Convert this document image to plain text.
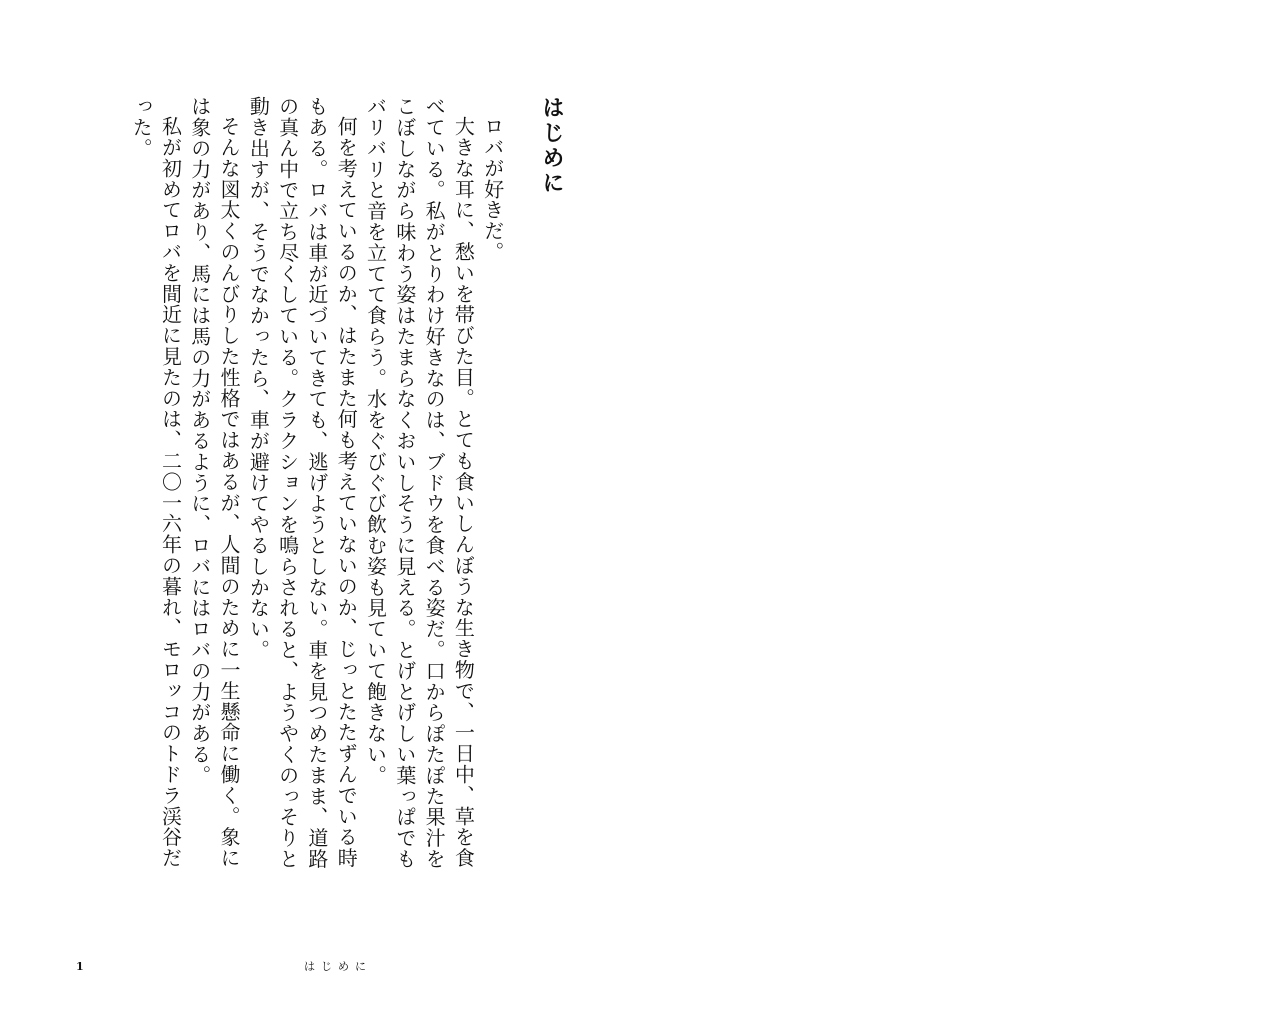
はじめに

ロバが好きだ。

大きな耳に、愁いを帯びた目。とても食いしんぼうな生き物で、一日中、草を食べている。私がとりわけ好きなのは、ブドウを食べる姿だ。口からぽたぽた果汁をこぼしながら味わう姿はたまらなくおいしそうに見える。とげとげしい葉っぱでもバリバリと音を立てて食らう。水をぐびぐび飲む姿も見ていて飽きない。

何を考えているのか、はたまた何も考えていないのか、じっとたたずんでいる時もある。ロバは車が近づいてきても、逃げようとしない。車を見つめたまま、道路の真ん中で立ち尽くしている。クラクションを鳴らされると、ようやくのっそりと動き出すが、そうでなかったら、車が避けてやるしかない。

そんな図太くのんびりした性格ではあるが、人間のために一生懸命に働く。象には象の力があり、馬には馬の力があるように、ロバにはロバの力がある。

私が初めてロバを間近に見たのは、二〇一六年の暮れ、モロッコのトドラ渓谷だった。

1	はじめに
